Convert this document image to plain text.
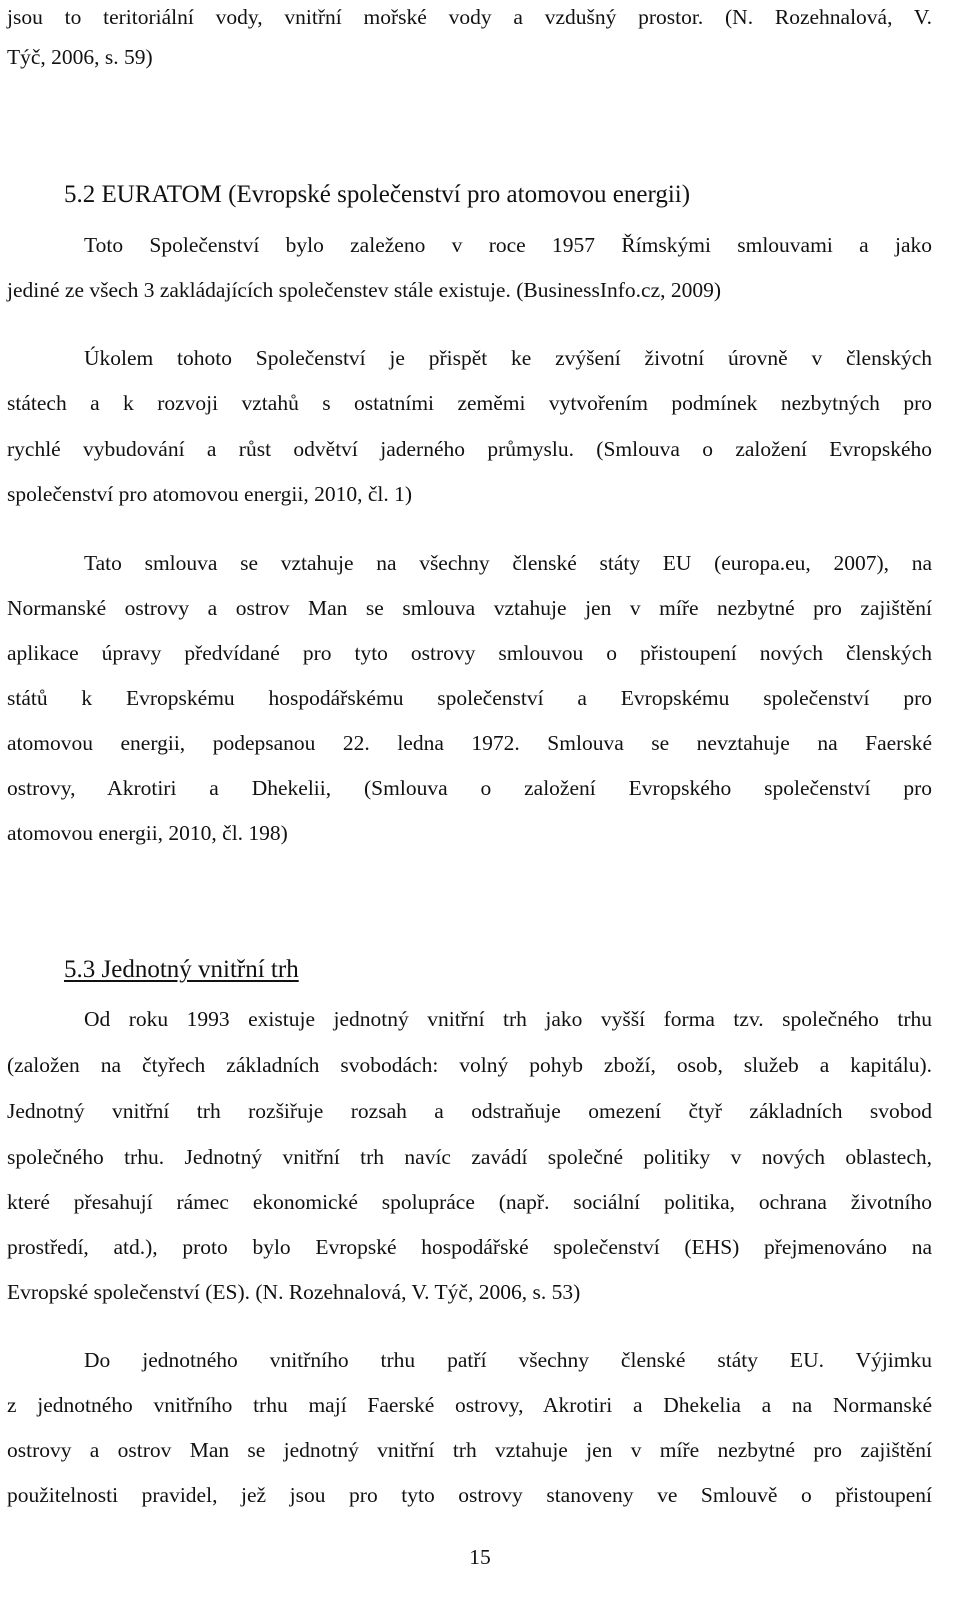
jsou to teritoriální vody, vnitřní mořské vody a vzdušný prostor. (N. Rozehnalová, V.
Týč, 2006, s. 59)
5.2 EURATOM (Evropské společenství pro atomovou energii)
Toto Společenství bylo zaleženo v roce 1957 Římskými smlouvami a jako
jediné ze všech 3 zakládajících společenstev stále existuje. (BusinessInfo.cz, 2009)
Úkolem tohoto Společenství je přispět ke zvýšení životní úrovně v členských
státech a k rozvoji vztahů s ostatními zeměmi vytvořením podmínek nezbytných pro
rychlé vybudování a růst odvětví jaderného průmyslu. (Smlouva o založení Evropského
společenství pro atomovou energii, 2010, čl. 1)
Tato smlouva se vztahuje na všechny členské státy EU (europa.eu, 2007), na
Normanské ostrovy a ostrov Man se smlouva vztahuje jen v míře nezbytné pro zajištění
aplikace úpravy předvídané pro tyto ostrovy smlouvou o přistoupení nových členských
států k Evropskému hospodářskému společenství a Evropskému společenství pro
atomovou energii, podepsanou 22. ledna 1972. Smlouva se nevztahuje na Faerské
ostrovy, Akrotiri a Dhekelii, (Smlouva o založení Evropského společenství pro
atomovou energii, 2010, čl. 198)
5.3 Jednotný vnitřní trh
Od roku 1993 existuje jednotný vnitřní trh jako vyšší forma tzv. společného trhu
(založen na čtyřech základních svobodách: volný pohyb zboží, osob, služeb a kapitálu).
Jednotný vnitřní trh rozšiřuje rozsah a odstraňuje omezení čtyř základních svobod
společného trhu. Jednotný vnitřní trh navíc zavádí společné politiky v nových oblastech,
které přesahují rámec ekonomické spolupráce (např. sociální politika, ochrana životního
prostředí, atd.), proto bylo Evropské hospodářské společenství (EHS) přejmenováno na
Evropské společenství (ES). (N. Rozehnalová, V. Týč, 2006, s. 53)
Do jednotného vnitřního trhu patří všechny členské státy EU. Výjimku
z jednotného vnitřního trhu mají Faerské ostrovy, Akrotiri a Dhekelia a na Normanské
ostrovy a ostrov Man se jednotný vnitřní trh vztahuje jen v míře nezbytné pro zajištění
použitelnosti pravidel, jež jsou pro tyto ostrovy stanoveny ve Smlouvě o přistoupení
15
